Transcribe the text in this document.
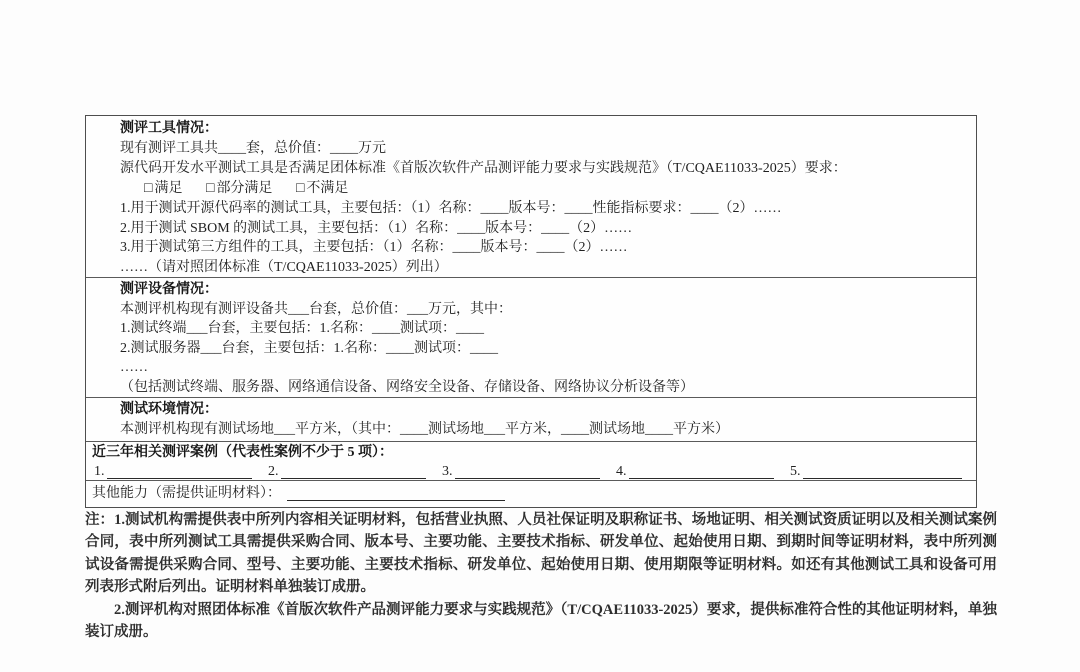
测评工具情况：
现有测评工具共____套，总价值：____万元
源代码开发水平测试工具是否满足团体标准《首版次软件产品测评能力要求与实践规范》（T/CQAE11033-2025）要求：
□ 满足 □ 部分满足 □ 不满足
1.用于测试开源代码率的测试工具，主要包括：（1）名称：____版本号：____性能指标要求：____（2）……
2.用于测试 SBOM 的测试工具，主要包括：（1）名称：____版本号：____（2）……
3.用于测试第三方组件的工具，主要包括：（1）名称：____版本号：____（2）……
……（请对照团体标准（T/CQAE11033-2025）列出）
测评设备情况：
本测评机构现有测评设备共___台套，总价值：___万元，其中：
1.测试终端___台套，主要包括：1.名称：____测试项：____
2.测试服务器___台套，主要包括：1.名称：____测试项：____
……
（包括测试终端、服务器、网络通信设备、网络安全设备、存储设备、网络协议分析设备等）
测试环境情况：
本测评机构现有测试场地___平方米，（其中：____测试场地___平方米，____测试场地____平方米）
近三年相关测评案例（代表性案例不少于 5 项）：
1.	2.	3.	4.	5.
其他能力（需提供证明材料）：

注：1.测试机构需提供表中所列内容相关证明材料，包括营业执照、人员社保证明及职称证书、场地证明、相关测试资质证明以及相关测试案例合同，表中所列测试工具需提供采购合同、版本号、主要功能、主要技术指标、研发单位、起始使用日期、到期时间等证明材料，表中所列测试设备需提供采购合同、型号、主要功能、主要技术指标、研发单位、起始使用日期、使用期限等证明材料。如还有其他测试工具和设备可用列表形式附后列出。证明材料单独装订成册。

2.测评机构对照团体标准《首版次软件产品测评能力要求与实践规范》（T/CQAE11033-2025）要求，提供标准符合性的其他证明材料，单独装订成册。
